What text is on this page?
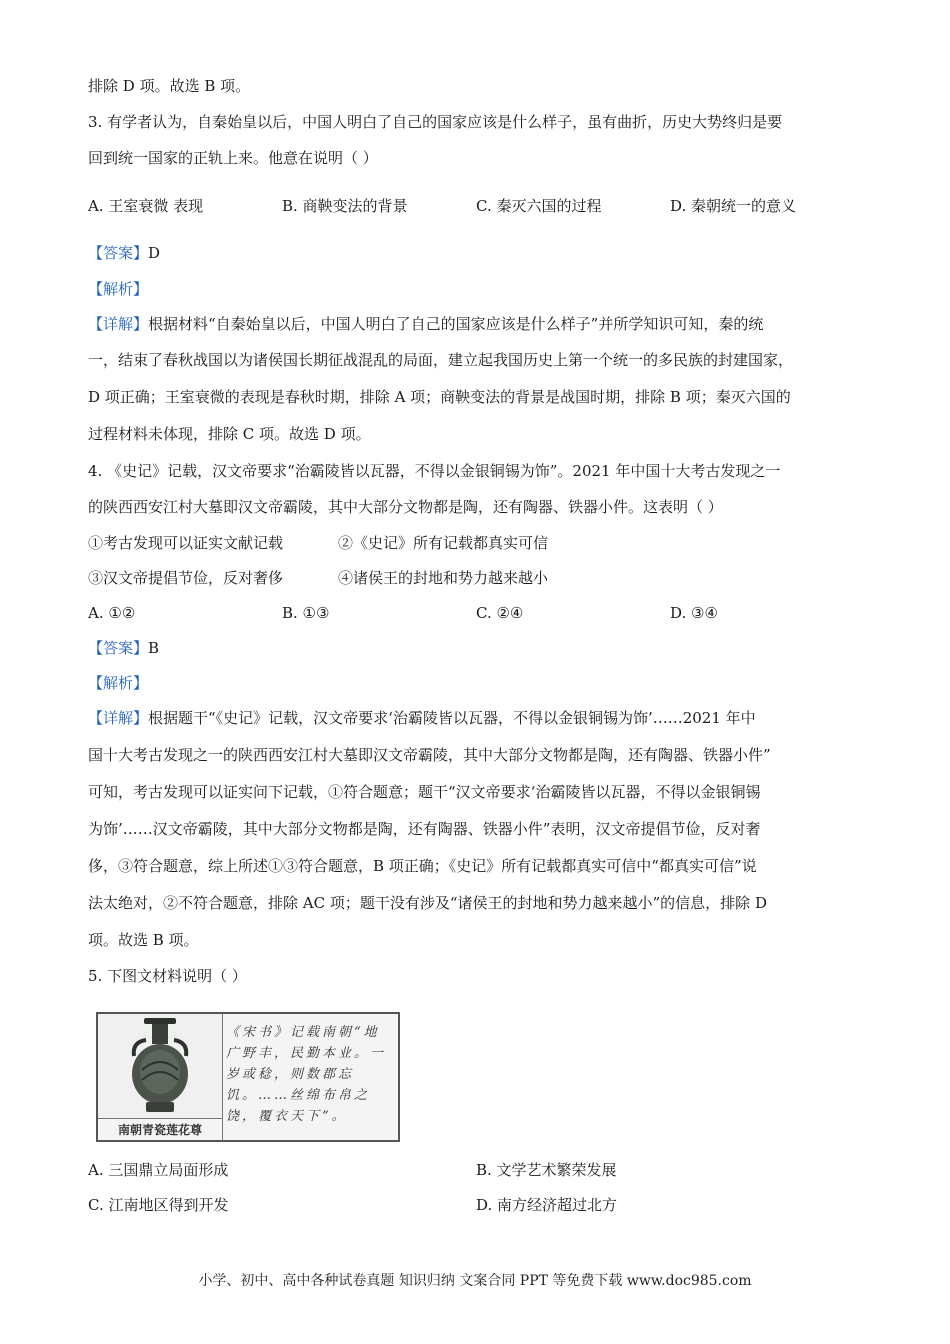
排除 D 项。故选 B 项。
3. 有学者认为，自秦始皇以后，中国人明白了自己的国家应该是什么样子，虽有曲折，历史大势终归是要
回到统一国家的正轨上来。他意在说明（ ）
A. 王室衰微 表现	B. 商鞅变法的背景	C. 秦灭六国的过程	D. 秦朝统一的意义
【答案】D
【解析】
【详解】根据材料“自秦始皇以后，中国人明白了自己的国家应该是什么样子”并所学知识可知，秦的统
一，结束了春秋战国以为诸侯国长期征战混乱的局面，建立起我国历史上第一个统一的多民族的封建国家，
D 项正确；王室衰微的表现是春秋时期，排除 A 项；商鞅变法的背景是战国时期，排除 B 项；秦灭六国的
过程材料未体现，排除 C 项。故选 D 项。
4. 《史记》记载，汉文帝要求“治霸陵皆以瓦器，不得以金银铜锡为饰”。2021 年中国十大考古发现之一
的陕西西安江村大墓即汉文帝霸陵，其中大部分文物都是陶，还有陶器、铁器小件。这表明（ ）
①考古发现可以证实文献记载	②《史记》所有记载都真实可信
③汉文帝提倡节俭，反对奢侈	④诸侯王的封地和势力越来越小
A. ①②	B. ①③	C. ②④	D. ③④
【答案】B
【解析】
【详解】根据题干“《史记》记载，汉文帝要求‘治霸陵皆以瓦器，不得以金银铜锡为饰’……2021 年中
国十大考古发现之一的陕西西安江村大墓即汉文帝霸陵，其中大部分文物都是陶，还有陶器、铁器小件”
可知，考古发现可以证实问下记载，①符合题意；题干“汉文帝要求‘治霸陵皆以瓦器，不得以金银铜锡
为饰’……汉文帝霸陵，其中大部分文物都是陶，还有陶器、铁器小件”表明，汉文帝提倡节俭，反对奢
侈，③符合题意，综上所述①③符合题意，B 项正确；《史记》所有记载都真实可信中“都真实可信”说
法太绝对，②不符合题意，排除 AC 项；题干没有涉及“诸侯王的封地和势力越来越小”的信息，排除 D
项。故选 B 项。
5. 下图文材料说明（ ）
南朝青瓷莲花尊
《宋书》记载南朝“地广野丰，民勤本业。一岁或稔，则数郡忘饥。……丝绵布帛之饶，覆衣天下”。
A. 三国鼎立局面形成	B. 文学艺术繁荣发展
C. 江南地区得到开发	D. 南方经济超过北方
小学、初中、高中各种试卷真题 知识归纳 文案合同 PPT 等免费下载 www.doc985.com
